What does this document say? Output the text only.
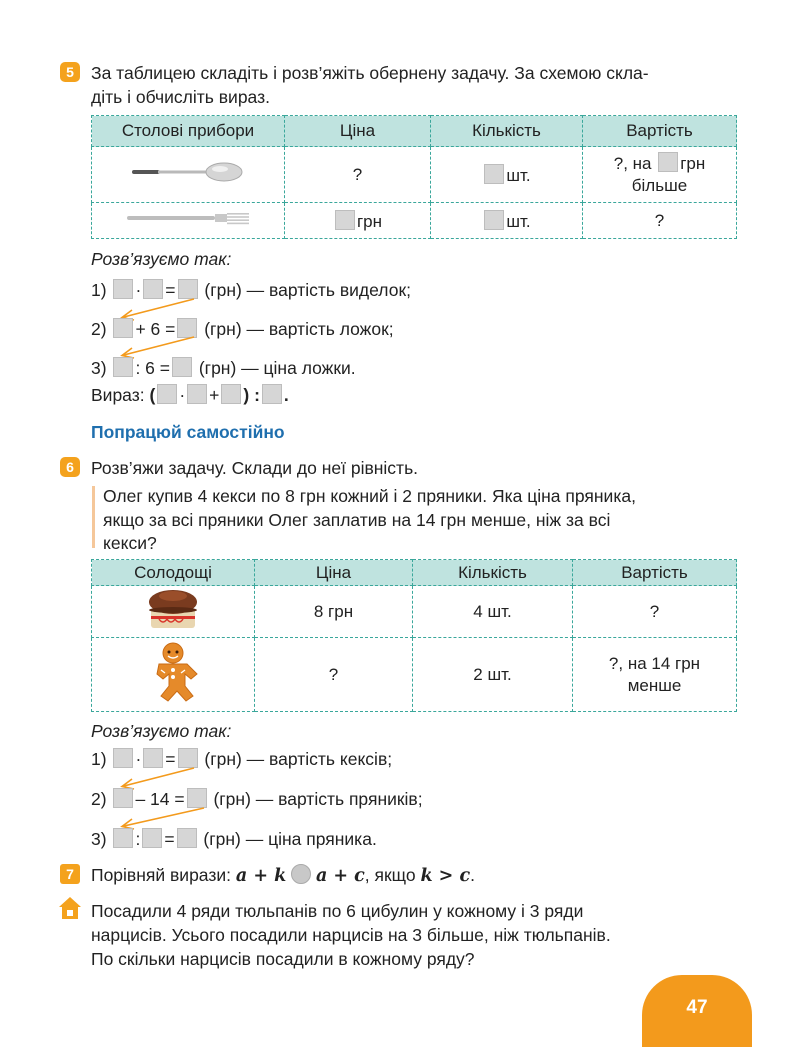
5 За таблицею складіть і розв’яжіть обернену задачу. За схемою скла-
діть і обчисліть вираз.
Столові прибори	Ціна	Кількість	Вартість
	?	шт.	?, на грн
більше
	грн	шт.	?
Розв’язуємо так:
1) · = (грн) — вартість виделок;
2) + 6 = (грн) — вартість ложок;
3) : 6 = (грн) — ціна ложки.
Вираз: ( · + ) : .
Попрацюй самостійно
6 Розв’яжи задачу. Склади до неї рівність.
Олег купив 4 кекси по 8 грн кожний і 2 пряники. Яка ціна пряника,
якщо за всі пряники Олег заплатив на 14 грн менше, ніж за всі
кекси?
Солодощі	Ціна	Кількість	Вартість
	8 грн	4 шт.	?
	?	2 шт.	?, на 14 грн
менше
Розв’язуємо так:
1) · = (грн) — вартість кексів;
2) – 14 = (грн) — вартість пряників;
3) : = (грн) — ціна пряника.
7 Порівняй вирази: a + k a + c, якщо k > c.
Посадили 4 ряди тюльпанів по 6 цибулин у кожному і 3 ряди
нарцисів. Усього посадили нарцисів на 3 більше, ніж тюльпанів.
По скільки нарцисів посадили в кожному ряду?
47
